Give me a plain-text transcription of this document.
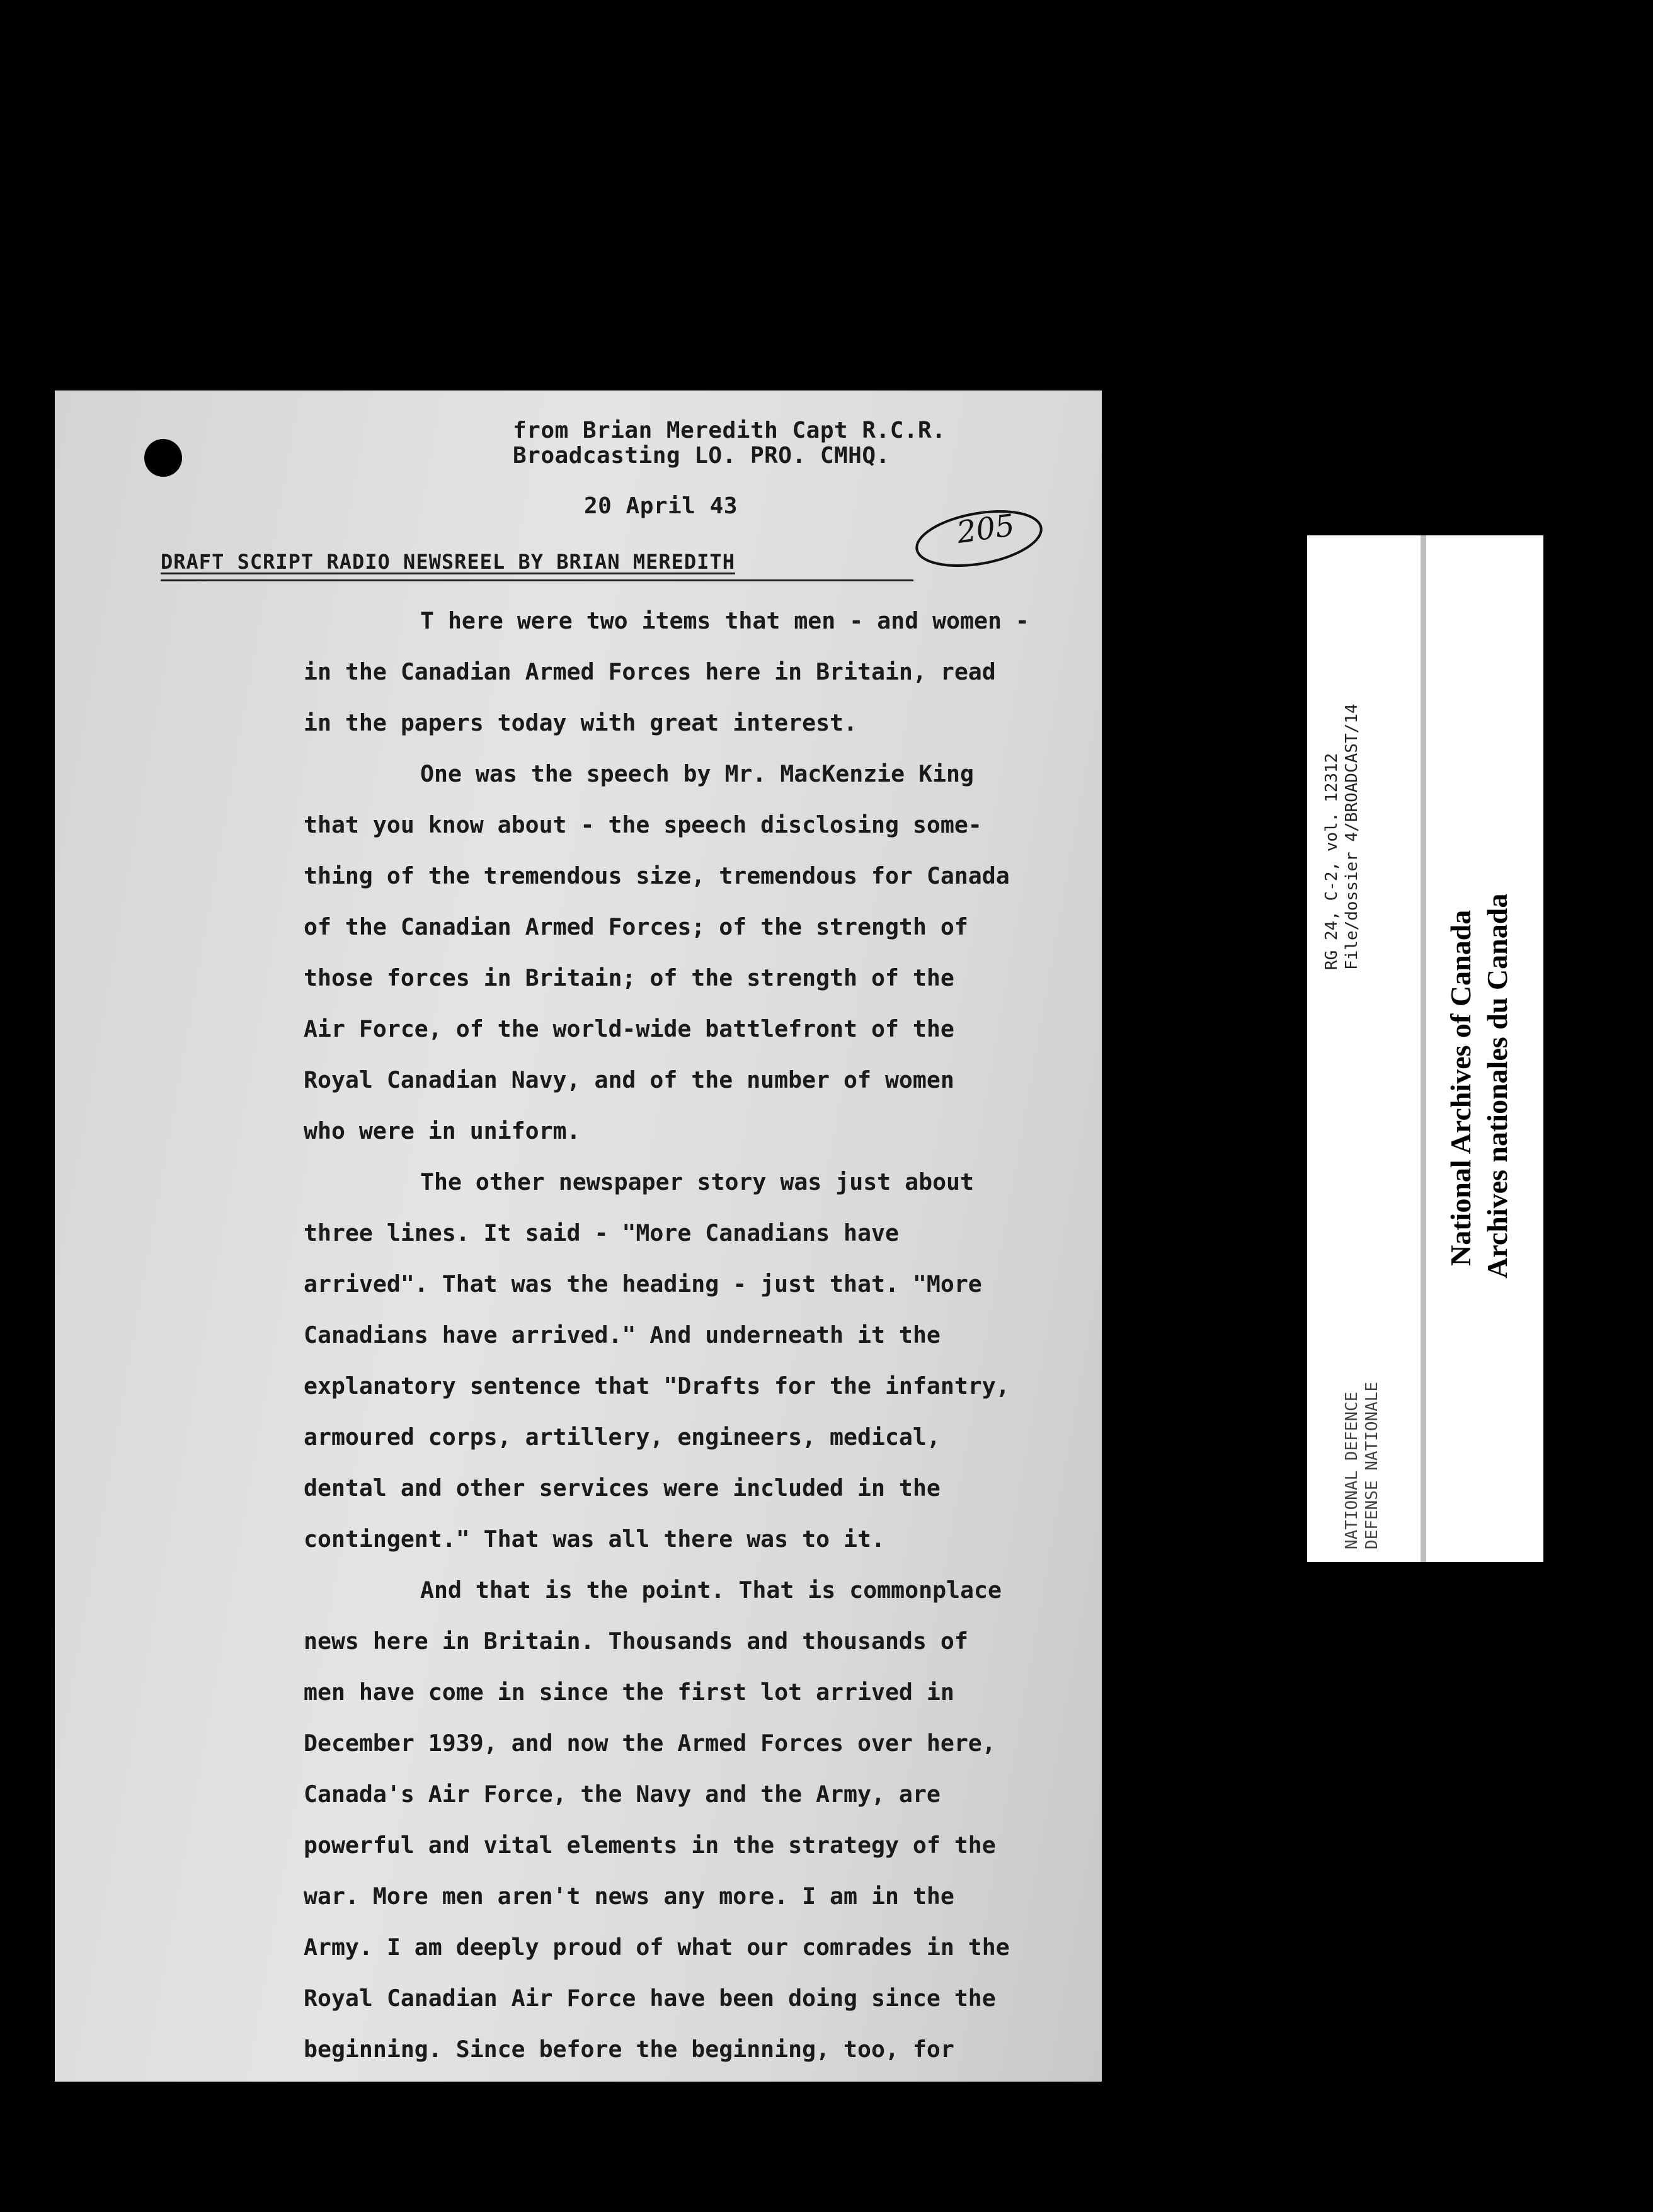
from Brian Meredith Capt R.C.R.
Broadcasting LO. PRO. CMHQ.
20 April 43
205
DRAFT SCRIPT RADIO NEWSREEL BY BRIAN MEREDITH
T here were two items that men - and women -
in the Canadian Armed Forces here in Britain, read
in the papers today with great interest.
One was the speech by Mr. MacKenzie King
that you know about - the speech disclosing some-
thing of the tremendous size, tremendous for Canada
of the Canadian Armed Forces; of the strength of
those forces in Britain; of the strength of the
Air Force, of the world-wide battlefront of the
Royal Canadian Navy, and of the number of women
who were in uniform.
The other newspaper story was just about
three lines. It said - "More Canadians have
arrived". That was the heading - just that. "More
Canadians have arrived." And underneath it the
explanatory sentence that "Drafts for the infantry,
armoured corps, artillery, engineers, medical,
dental and other services were included in the
contingent." That was all there was to it.
And that is the point. That is commonplace
news here in Britain. Thousands and thousands of
men have come in since the first lot arrived in
December 1939, and now the Armed Forces over here,
Canada's Air Force, the Navy and the Army, are
powerful and vital elements in the strategy of the
war. More men aren't news any more. I am in the
Army. I am deeply proud of what our comrades in the
Royal Canadian Air Force have been doing since the
beginning. Since before the beginning, too, for
RG 24, C-2, vol. 12312 File/dossier 4/BROADCAST/14
NATIONAL DEFENCE DEFENSE NATIONALE
National Archives of Canada Archives nationales du Canada
